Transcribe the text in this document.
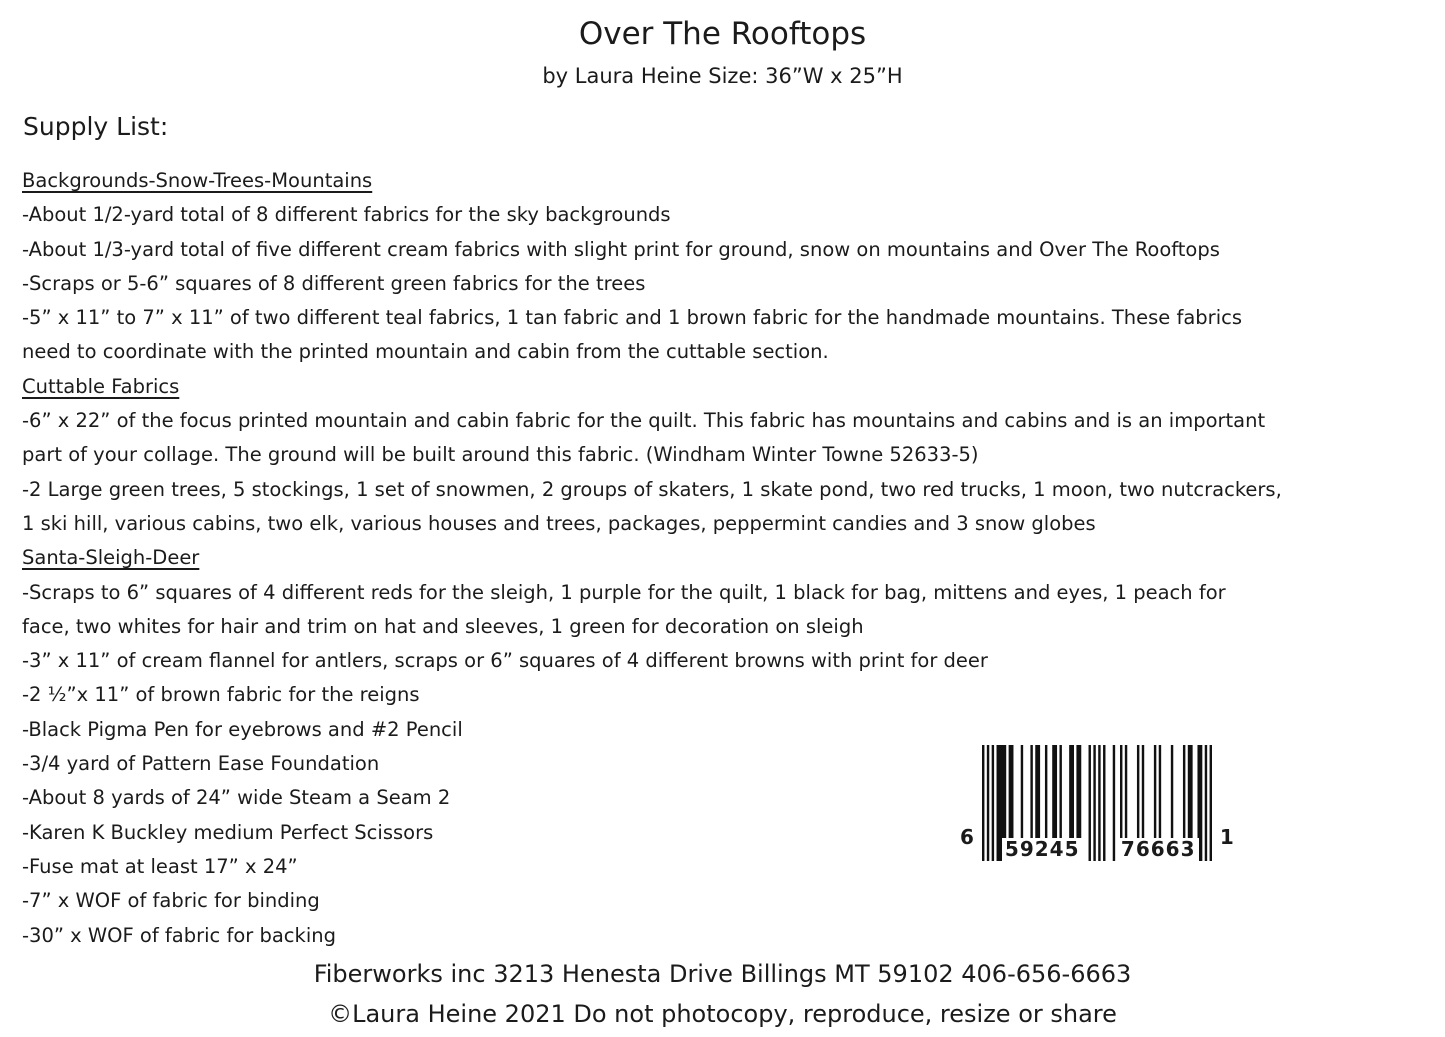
Over The Rooftops
by Laura Heine Size: 36”W x 25”H
Supply List:
Backgrounds-Snow-Trees-Mountains
-About 1/2-yard total of 8 different fabrics for the sky backgrounds
-About 1/3-yard total of five different cream fabrics with slight print for ground, snow on mountains and Over The Rooftops
-Scraps or 5-6” squares of 8 different green fabrics for the trees
-5” x 11” to 7” x 11” of two different teal fabrics, 1 tan fabric and 1 brown fabric for the handmade mountains. These fabrics
need to coordinate with the printed mountain and cabin from the cuttable section.
Cuttable Fabrics
-6” x 22” of the focus printed mountain and cabin fabric for the quilt. This fabric has mountains and cabins and is an important
part of your collage. The ground will be built around this fabric. (Windham Winter Towne 52633-5)
-2 Large green trees, 5 stockings, 1 set of snowmen, 2 groups of skaters, 1 skate pond, two red trucks, 1 moon, two nutcrackers,
1 ski hill, various cabins, two elk, various houses and trees, packages, peppermint candies and 3 snow globes
Santa-Sleigh-Deer
-Scraps to 6” squares of 4 different reds for the sleigh, 1 purple for the quilt, 1 black for bag, mittens and eyes, 1 peach for
face, two whites for hair and trim on hat and sleeves, 1 green for decoration on sleigh
-3” x 11” of cream flannel for antlers, scraps or 6” squares of 4 different browns with print for deer
-2 ½”x 11” of brown fabric for the reigns
-Black Pigma Pen for eyebrows and #2 Pencil
-3/4 yard of Pattern Ease Foundation
-About 8 yards of 24” wide Steam a Seam 2
-Karen K Buckley medium Perfect Scissors
-Fuse mat at least 17” x 24”
-7” x WOF of fabric for binding
-30” x WOF of fabric for backing
6 59245 76663 1
Fiberworks inc 3213 Henesta Drive Billings MT 59102 406-656-6663
©Laura Heine 2021 Do not photocopy, reproduce, resize or share
